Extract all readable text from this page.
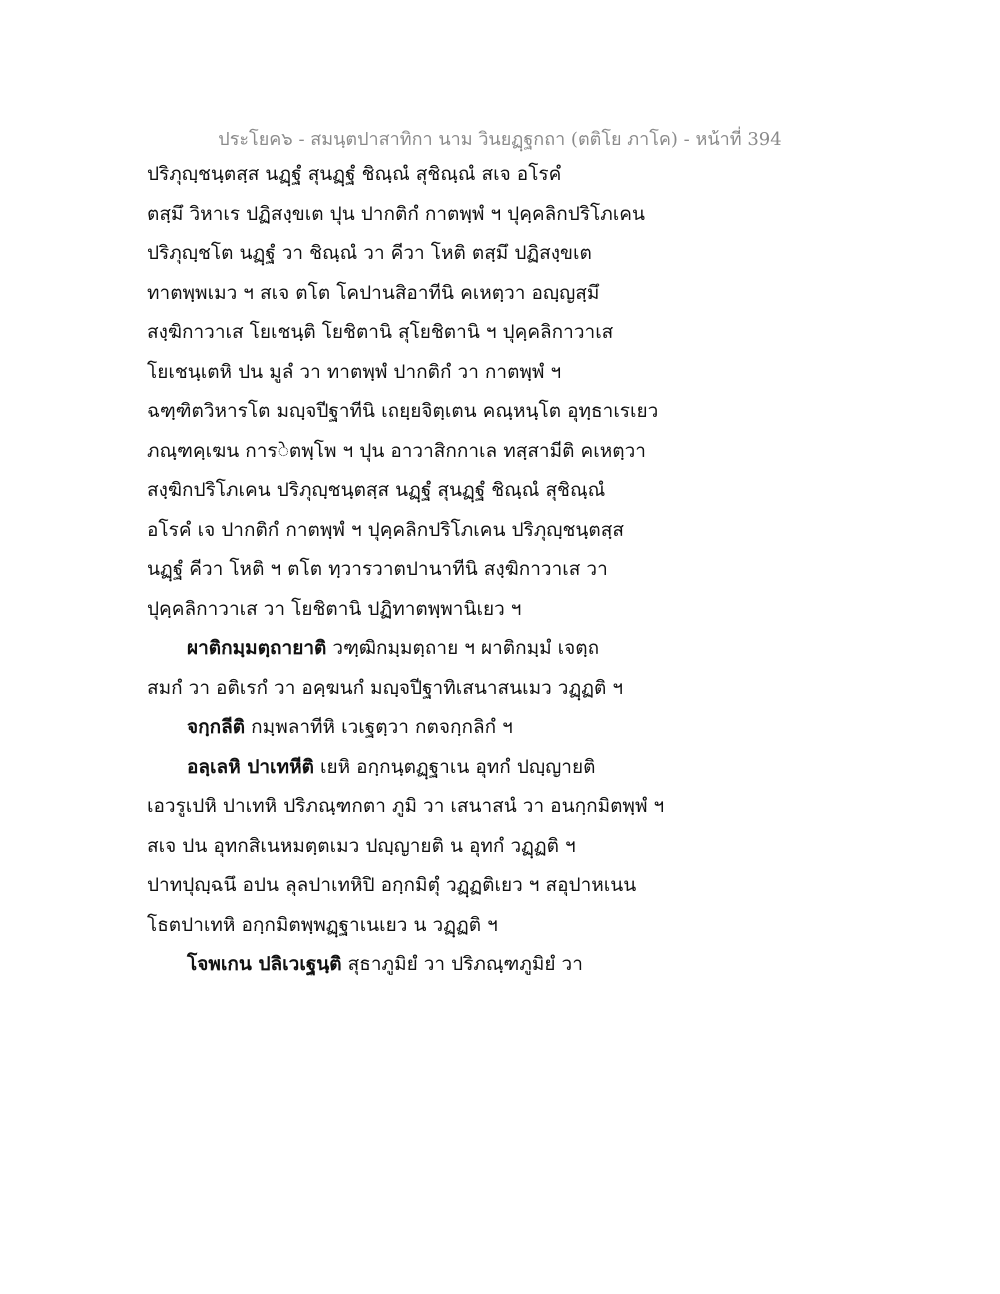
ประโยค๖ - สมนฺตปาสาทิกา นาม วินยฏฺฐกถา (ตติโย ภาโค) - หน้าที่ 394
ปริภุญฺชนฺตสฺส นฏฺฐํ สุนฏฺฐํ ชิณฺณํ สุชิณฺณํ สเจ อโรคํ
ตสฺมึ วิหาเร ปฏิสงฺขเต ปุน ปากติกํ กาตพฺพํ ฯ ปุคฺคลิกปริโภเคน
ปริภุญฺชโต นฏฺฐํ วา ชิณฺณํ วา คีวา โหติ ตสฺมึ ปฏิสงฺขเต
ทาตพฺพเมว ฯ สเจ ตโต โคปานสิอาทีนิ คเหตฺวา อญฺญสฺมึ
สงฺฆิกาวาเส โยเชนฺติ โยชิตานิ สุโยชิตานิ ฯ ปุคฺคลิกาวาเส
โยเชนฺเตหิ ปน มูลํ วา ทาตพฺพํ ปากติกํ วา กาตพฺพํ ฯ
ฉฑฺฑิตวิหารโต มญฺจปีฐาทีนิ เถยฺยจิตฺเตน คณฺหนฺโต อุทฺธาเรเยว
ภณฺฑคฺเฆน การेตพฺโพ ฯ ปุน อาวาสิกกาเล ทสฺสามีติ คเหตฺวา
สงฺฆิกปริโภเคน ปริภุญฺชนฺตสฺส นฏฺฐํ สุนฏฺฐํ ชิณฺณํ สุชิณฺณํ
อโรคํ เจ ปากติกํ กาตพฺพํ ฯ ปุคฺคลิกปริโภเคน ปริภุญฺชนฺตสฺส
นฏฺฐํ คีวา โหติ ฯ ตโต ทฺวารวาตปานาทีนิ สงฺฆิกาวาเส วา
ปุคฺคลิกาวาเส วา โยชิตานิ ปฏิทาตพฺพานิเยว ฯ
ผาติกมฺมตฺถายาติ วฑฺฒิกมฺมตฺถาย ฯ ผาติกมฺมํ เจตฺถ
สมกํ วา อติเรกํ วา อคฺฆนกํ มญฺจปีฐาทิเสนาสนเมว วฏฺฏติ ฯ
จกฺกลีติ กมฺพลาทีหิ เวเฐตฺวา กตจกฺกลิกํ ฯ
อลฺเลหิ ปาเทหีติ เยหิ อกฺกนฺตฏฺฐาเน อุทกํ ปญฺญายติ
เอวรูเปหิ ปาเทหิ ปริภณฺฑกตา ภูมิ วา เสนาสนํ วา อนกฺกมิตพฺพํ ฯ
สเจ ปน อุทกสิเนหมตฺตเมว ปญฺญายติ น อุทกํ วฏฺฏติ ฯ
ปาทปุญฺฉนึ อปน ลุลปาเทหิปิ อกฺกมิตุํ วฏฺฏติเยว ฯ สอุปาหเนน
โธตปาเทหิ อกฺกมิตพฺพฏฺฐาเนเยว น วฏฺฏติ ฯ
โจพเกน ปลิเวเฐนฺติ สุธาภูมิยํ วา ปริภณฺฑภูมิยํ วา
